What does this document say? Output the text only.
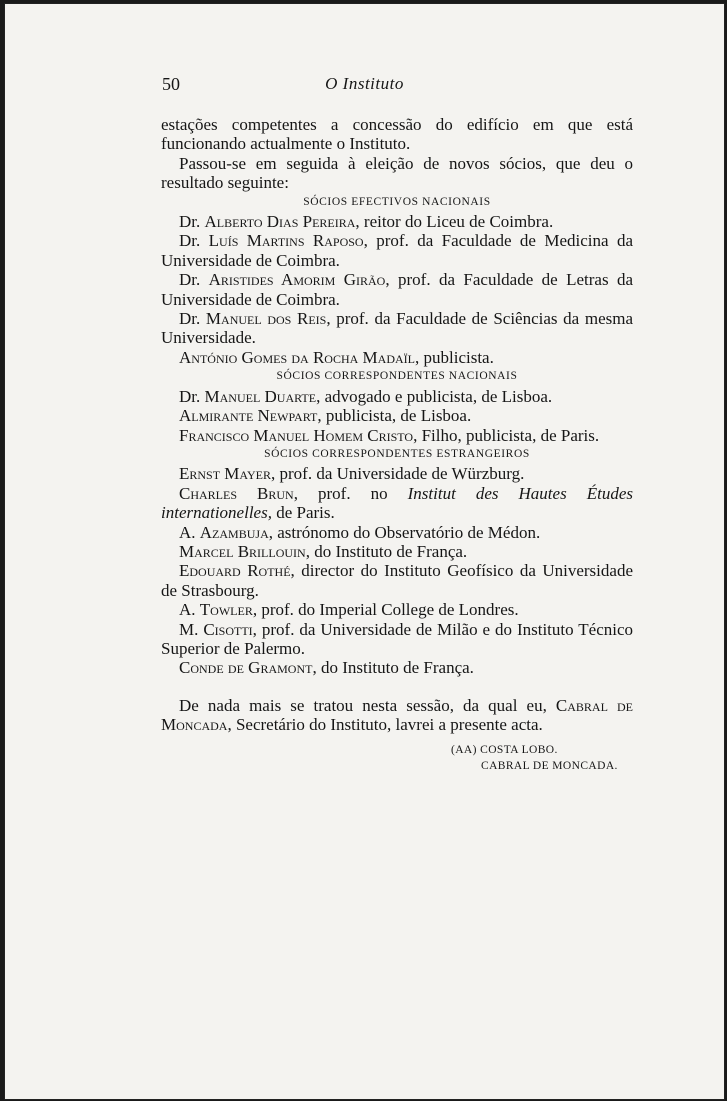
50	O Instituto

estações competentes a concessão do edifício em que está funcionando actualmente o Instituto.

Passou-se em seguida à eleição de novos sócios, que deu o resultado seguinte:

SÓCIOS EFECTIVOS NACIONAIS

Dr. Alberto Dias Pereira, reitor do Liceu de Coimbra.

Dr. Luís Martins Raposo, prof. da Faculdade de Medicina da Universidade de Coimbra.

Dr. Aristides Amorim Girão, prof. da Faculdade de Letras da Universidade de Coimbra.

Dr. Manuel dos Reis, prof. da Faculdade de Sciências da mesma Universidade.

António Gomes da Rocha Madaïl, publicista.

SÓCIOS CORRESPONDENTES NACIONAIS

Dr. Manuel Duarte, advogado e publicista, de Lisboa.

Almirante Newpart, publicista, de Lisboa.

Francisco Manuel Homem Cristo, Filho, publicista, de Paris.

SÓCIOS CORRESPONDENTES ESTRANGEIROS

Ernst Mayer, prof. da Universidade de Würzburg.

Charles Brun, prof. no Institut des Hautes Études internationelles, de Paris.

A. Azambuja, astrónomo do Observatório de Médon.

Marcel Brillouin, do Instituto de França.

Edouard Rothé, director do Instituto Geofísico da Universidade de Strasbourg.

A. Towler, prof. do Imperial College de Londres.

M. Cisotti, prof. da Universidade de Milão e do Instituto Técnico Superior de Palermo.

Conde de Gramont, do Instituto de França.

De nada mais se tratou nesta sessão, da qual eu, Cabral de Moncada, Secretário do Instituto, lavrei a presente acta.

(AA) COSTA LOBO.
CABRAL DE MONCADA.
